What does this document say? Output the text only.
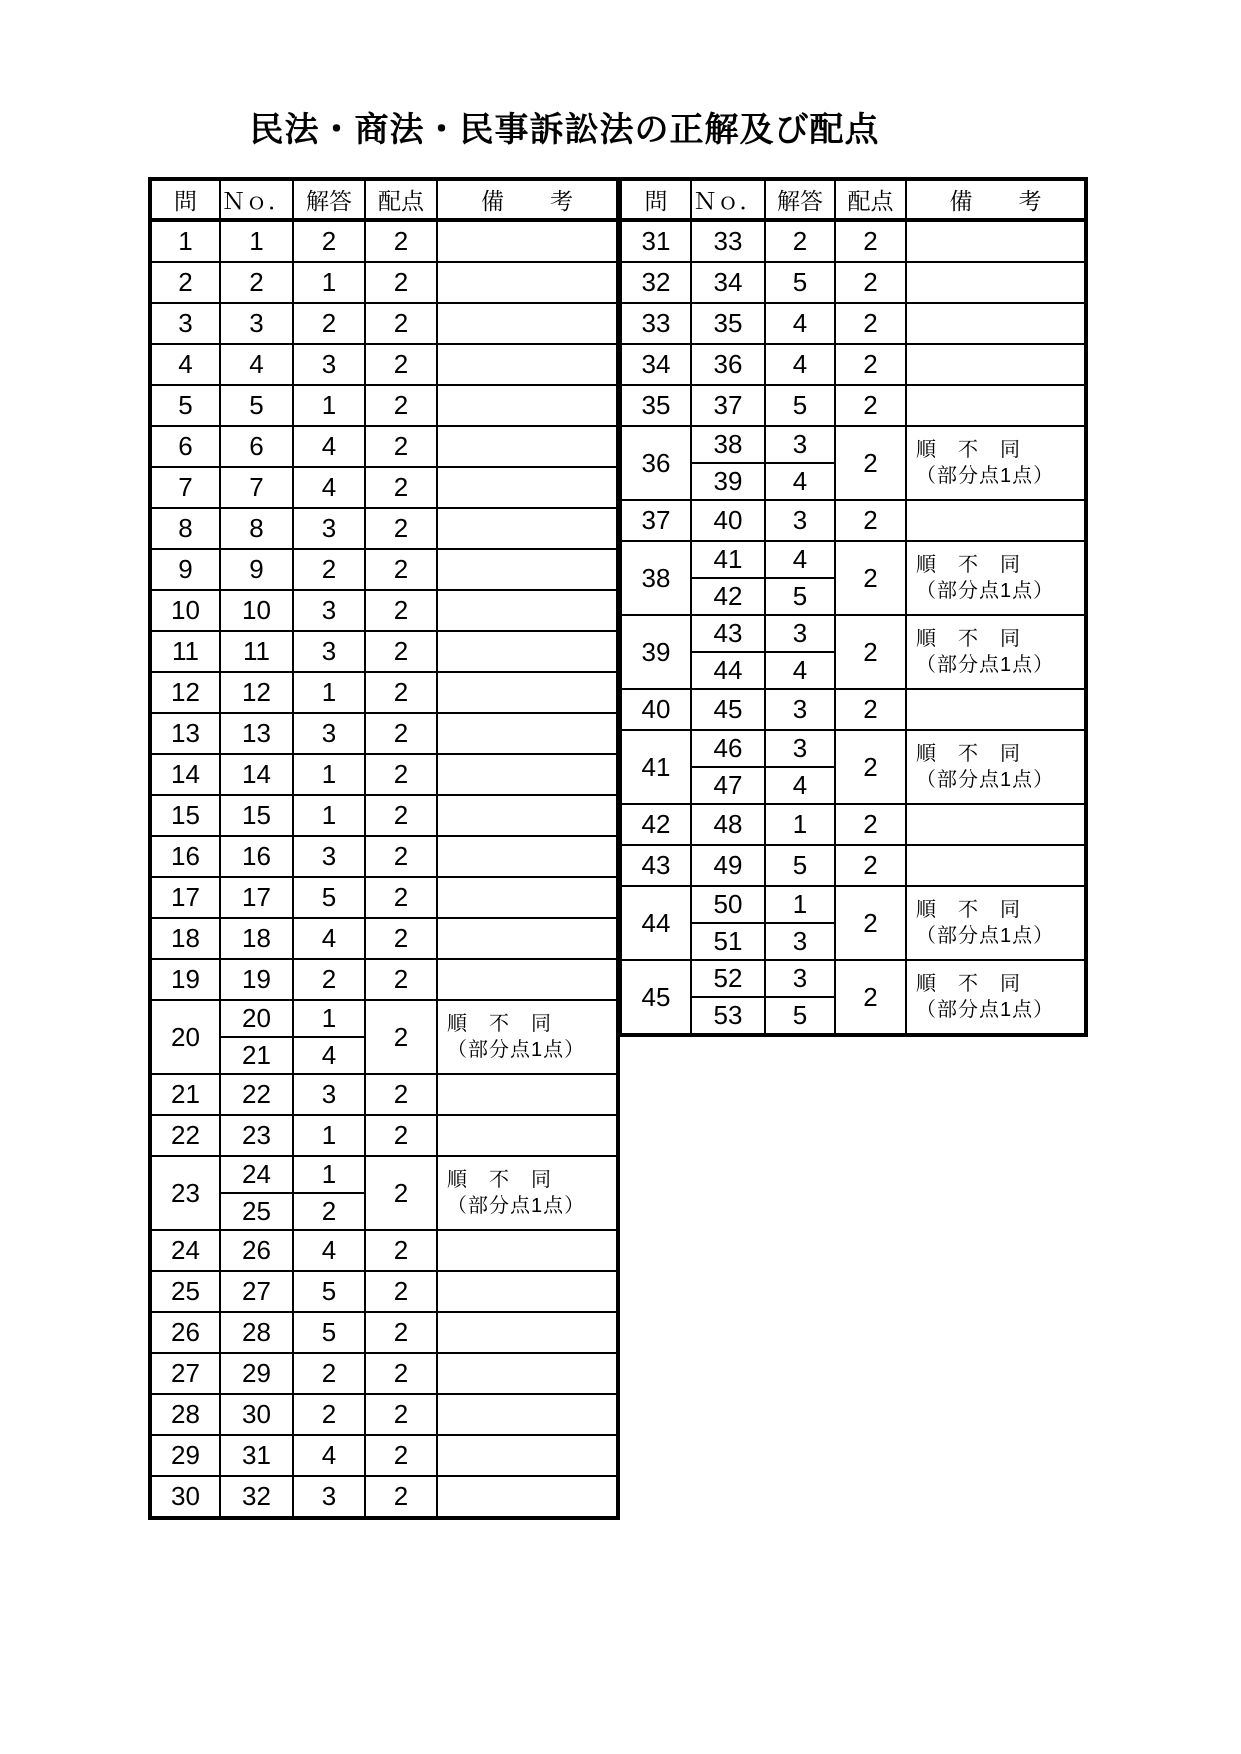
民法・商法・民事訴訟法の正解及び配点
問	Ｎｏ．	解答	配点	備　　考
1	1	2	2	
2	2	1	2	
3	3	2	2	
4	4	3	2	
5	5	1	2	
6	6	4	2	
7	7	4	2	
8	8	3	2	
9	9	2	2	
10	10	3	2	
11	11	3	2	
12	12	1	2	
13	13	3	2	
14	14	1	2	
15	15	1	2	
16	16	3	2	
17	17	5	2	
18	18	4	2	
19	19	2	2	
20	20	1	2	順　不　同
（部分点1点）

	21	4		
21	22	3	2	
22	23	1	2	
23	24	1	2	順　不　同
（部分点1点）

	25	2		
24	26	4	2	
25	27	5	2	
26	28	5	2	
27	29	2	2	
28	30	2	2	
29	31	4	2	
30	32	3	2	
問	Ｎｏ．	解答	配点	備　　考
31	33	2	2	
32	34	5	2	
33	35	4	2	
34	36	4	2	
35	37	5	2	
36	38	3	2	順　不　同
（部分点1点）

	39	4		
37	40	3	2	
38	41	4	2	順　不　同
（部分点1点）

	42	5		
39	43	3	2	順　不　同
（部分点1点）

	44	4		
40	45	3	2	
41	46	3	2	順　不　同
（部分点1点）

	47	4		
42	48	1	2	
43	49	5	2	
44	50	1	2	順　不　同
（部分点1点）

	51	3		
45	52	3	2	順　不　同
（部分点1点）

	53	5		
